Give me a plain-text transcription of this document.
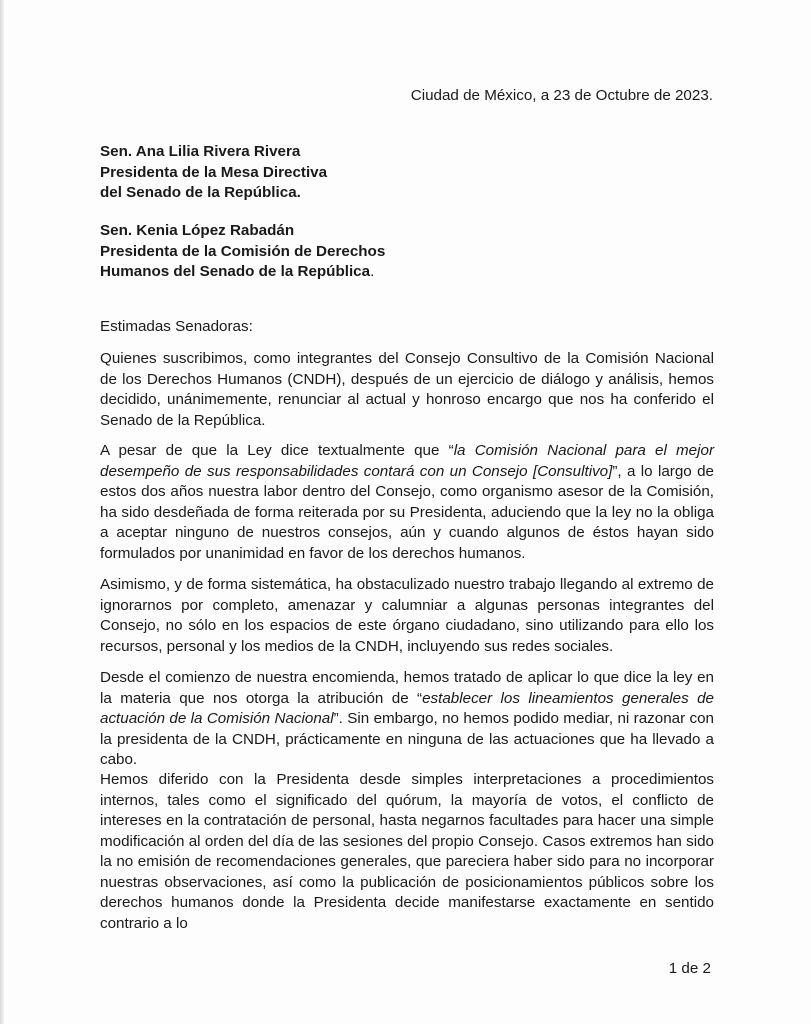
Ciudad de México, a 23 de Octubre de 2023.
Sen. Ana Lilia Rivera Rivera
Presidenta de la Mesa Directiva
del Senado de la República.
Sen. Kenia López Rabadán
Presidenta de la Comisión de Derechos
Humanos del Senado de la República.
Estimadas Senadoras:
Quienes suscribimos, como integrantes del Consejo Consultivo de la Comisión Nacional de los Derechos Humanos (CNDH), después de un ejercicio de diálogo y análisis, hemos decidido, unánimemente, renunciar al actual y honroso encargo que nos ha conferido el Senado de la República.
A pesar de que la Ley dice textualmente que “la Comisión Nacional para el mejor desempeño de sus responsabilidades contará con un Consejo [Consultivo]”, a lo largo de estos dos años nuestra labor dentro del Consejo, como organismo asesor de la Comisión, ha sido desdeñada de forma reiterada por su Presidenta, aduciendo que la ley no la obliga a aceptar ninguno de nuestros consejos, aún y cuando algunos de éstos hayan sido formulados por unanimidad en favor de los derechos humanos.
Asimismo, y de forma sistemática, ha obstaculizado nuestro trabajo llegando al extremo de ignorarnos por completo, amenazar y calumniar a algunas personas integrantes del Consejo, no sólo en los espacios de este órgano ciudadano, sino utilizando para ello los recursos, personal y los medios de la CNDH, incluyendo sus redes sociales.
Desde el comienzo de nuestra encomienda, hemos tratado de aplicar lo que dice la ley en la materia que nos otorga la atribución de “establecer los lineamientos generales de actuación de la Comisión Nacional”. Sin embargo, no hemos podido mediar, ni razonar con la presidenta de la CNDH, prácticamente en ninguna de las actuaciones que ha llevado a cabo.
Hemos diferido con la Presidenta desde simples interpretaciones a procedimientos internos, tales como el significado del quórum, la mayoría de votos, el conflicto de intereses en la contratación de personal, hasta negarnos facultades para hacer una simple modificación al orden del día de las sesiones del propio Consejo. Casos extremos han sido la no emisión de recomendaciones generales, que pareciera haber sido para no incorporar nuestras observaciones, así como la publicación de posicionamientos públicos sobre los derechos humanos donde la Presidenta decide manifestarse exactamente en sentido contrario a lo
1 de 2
